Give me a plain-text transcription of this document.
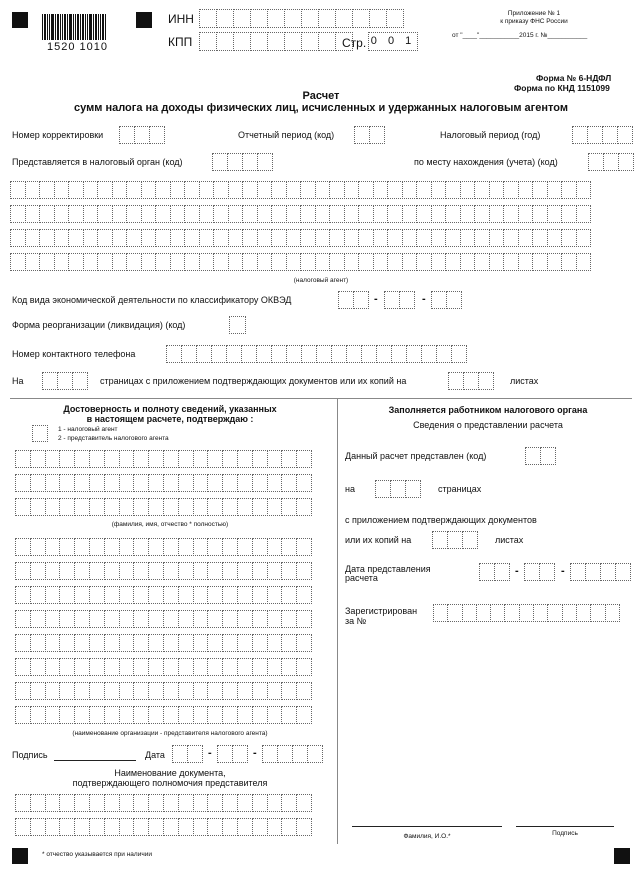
1520 1010
ИНН
КПП	Стр. 0 0 1
Приложение № 1
к приказу ФНС России
от "____"___________2015 г. №___________
Форма № 6-НДФЛ
Форма по КНД 1151099
Расчет
сумм налога на доходы физических лиц, исчисленных и удержанных налоговым агентом
Номер корректировки	Отчетный период (код)	Налоговый период (год)
Представляется в налоговый орган (код)	по месту нахождения (учета) (код)
(налоговый агент)
Код вида экономической деятельности по классификатору ОКВЭД	-	-
Форма реорганизации (ликвидация) (код)
Номер контактного телефона
На	страницах с приложением подтверждающих документов или их копий на	листах
Достоверность и полноту сведений, указанных
в настоящем расчете, подтверждаю :
1 - налоговый агент
2 - представитель налогового агента
(фамилия, имя, отчество * полностью)
(наименование организации - представителя налогового агента)
Подпись	Дата	-	-
Наименование документа,
подтверждающего полномочия представителя
Заполняется работником налогового органа
Сведения о представлении расчета
Данный расчет представлен (код)
на	страницах
с приложением подтверждающих документов
или их копий на	листах
Дата представления
расчета
-	-
Зарегистрирован
за №
Фамилия, И.О.*	Подпись
* отчество указывается при наличии
